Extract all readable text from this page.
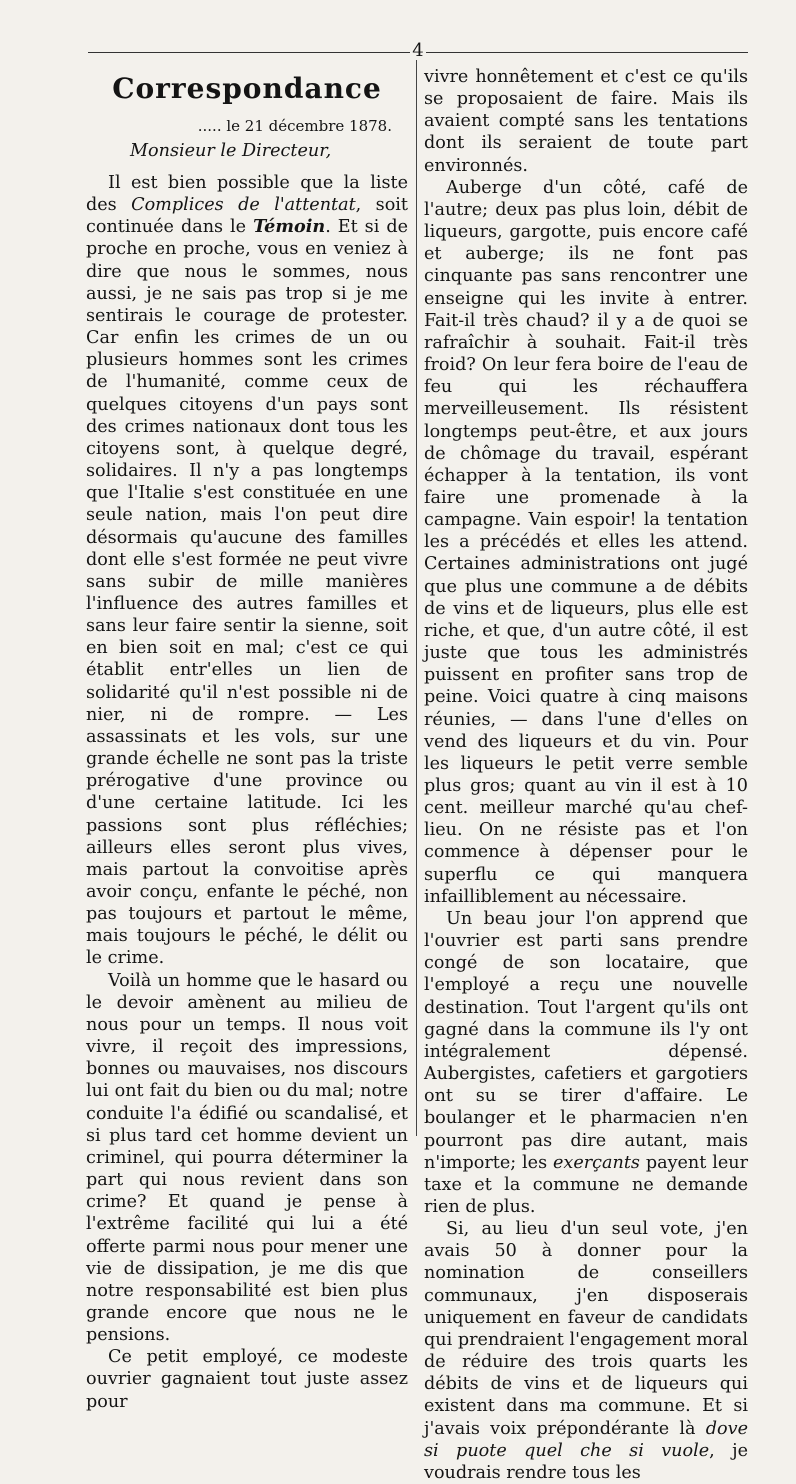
4
Correspondance
..... le 21 décembre 1878.
Monsieur le Directeur,

Il est bien possible que la liste des Complices de l'attentat, soit continuée dans le Témoin. Et si de proche en proche, vous en veniez à dire que nous le sommes, nous aussi, je ne sais pas trop si je me sentirais le courage de protester. Car enfin les crimes de un ou plusieurs hommes sont les crimes de l'humanité, comme ceux de quelques citoyens d'un pays sont des crimes nationaux dont tous les citoyens sont, à quelque degré, solidaires. Il n'y a pas longtemps que l'Italie s'est constituée en une seule nation, mais l'on peut dire désormais qu'aucune des familles dont elle s'est formée ne peut vivre sans subir de mille manières l'influence des autres familles et sans leur faire sentir la sienne, soit en bien soit en mal; c'est ce qui établit entr'elles un lien de solidarité qu'il n'est possible ni de nier, ni de rompre. — Les assassinats et les vols, sur une grande échelle ne sont pas la triste prérogative d'une province ou d'une certaine latitude. Ici les passions sont plus réfléchies; ailleurs elles seront plus vives, mais partout la convoitise après avoir conçu, enfante le péché, non pas toujours et partout le même, mais toujours le péché, le délit ou le crime.

Voilà un homme que le hasard ou le devoir amènent au milieu de nous pour un temps. Il nous voit vivre, il reçoit des impressions, bonnes ou mauvaises, nos discours lui ont fait du bien ou du mal; notre conduite l'a édifié ou scandalisé, et si plus tard cet homme devient un criminel, qui pourra déterminer la part qui nous revient dans son crime? Et quand je pense à l'extrême facilité qui lui a été offerte parmi nous pour mener une vie de dissipation, je me dis que notre responsabilité est bien plus grande encore que nous ne le pensions.

Ce petit employé, ce modeste ouvrier gagnaient tout juste assez pour

vivre honnêtement et c'est ce qu'ils se proposaient de faire. Mais ils avaient compté sans les tentations dont ils seraient de toute part environnés.

Auberge d'un côté, café de l'autre; deux pas plus loin, débit de liqueurs, gargotte, puis encore café et auberge; ils ne font pas cinquante pas sans rencontrer une enseigne qui les invite à entrer. Fait-il très chaud? il y a de quoi se rafraîchir à souhait. Fait-il très froid? On leur fera boire de l'eau de feu qui les réchauffera merveilleusement. Ils résistent longtemps peut-être, et aux jours de chômage du travail, espérant échapper à la tentation, ils vont faire une promenade à la campagne. Vain espoir! la tentation les a précédés et elles les attend. Certaines administrations ont jugé que plus une commune a de débits de vins et de liqueurs, plus elle est riche, et que, d'un autre côté, il est juste que tous les administrés puissent en profiter sans trop de peine. Voici quatre à cinq maisons réunies, — dans l'une d'elles on vend des liqueurs et du vin. Pour les liqueurs le petit verre semble plus gros; quant au vin il est à 10 cent. meilleur marché qu'au chef-lieu. On ne résiste pas et l'on commence à dépenser pour le superflu ce qui manquera infailliblement au nécessaire.

Un beau jour l'on apprend que l'ouvrier est parti sans prendre congé de son locataire, que l'employé a reçu une nouvelle destination. Tout l'argent qu'ils ont gagné dans la commune ils l'y ont intégralement dépensé. Aubergistes, cafetiers et gargotiers ont su se tirer d'affaire. Le boulanger et le pharmacien n'en pourront pas dire autant, mais n'importe; les exerçants payent leur taxe et la commune ne demande rien de plus.

Si, au lieu d'un seul vote, j'en avais 50 à donner pour la nomination de conseillers communaux, j'en disposerais uniquement en faveur de candidats qui prendraient l'engagement moral de réduire des trois quarts les débits de vins et de liqueurs qui existent dans ma commune. Et si j'avais voix prépondérante là dove si puote quel che si vuole, je voudrais rendre tous les
